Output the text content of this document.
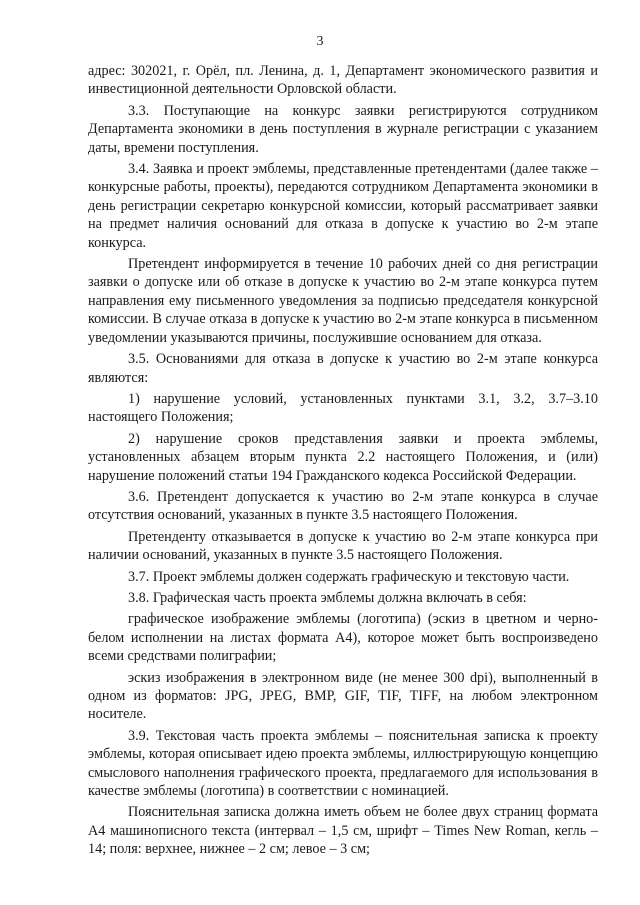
3

адрес: 302021, г. Орёл, пл. Ленина, д. 1, Департамент экономического развития и инвестиционной деятельности Орловской области.

3.3. Поступающие на конкурс заявки регистрируются сотрудником Департамента экономики в день поступления в журнале регистрации с указанием даты, времени поступления.

3.4. Заявка и проект эмблемы, представленные претендентами (далее также – конкурсные работы, проекты), передаются сотрудником Департамента экономики в день регистрации секретарю конкурсной комиссии, который рассматривает заявки на предмет наличия оснований для отказа в допуске к участию во 2-м этапе конкурса.

Претендент информируется в течение 10 рабочих дней со дня регистрации заявки о допуске или об отказе в допуске к участию во 2-м этапе конкурса путем направления ему письменного уведомления за подписью председателя конкурсной комиссии. В случае отказа в допуске к участию во 2-м этапе конкурса в письменном уведомлении указываются причины, послужившие основанием для отказа.

3.5. Основаниями для отказа в допуске к участию во 2-м этапе конкурса являются:

1) нарушение условий, установленных пунктами 3.1, 3.2, 3.7–3.10 настоящего Положения;

2) нарушение сроков представления заявки и проекта эмблемы, установленных абзацем вторым пункта 2.2 настоящего Положения, и (или) нарушение положений статьи 194 Гражданского кодекса Российской Федерации.

3.6. Претендент допускается к участию во 2-м этапе конкурса в случае отсутствия оснований, указанных в пункте 3.5 настоящего Положения.

Претенденту отказывается в допуске к участию во 2-м этапе конкурса при наличии оснований, указанных в пункте 3.5 настоящего Положения.

3.7. Проект эмблемы должен содержать графическую и текстовую части.

3.8. Графическая часть проекта эмблемы должна включать в себя:

графическое изображение эмблемы (логотипа) (эскиз в цветном и черно-белом исполнении на листах формата А4), которое может быть воспроизведено всеми средствами полиграфии;

эскиз изображения в электронном виде (не менее 300 dpi), выполненный в одном из форматов: JPG, JPEG, BMP, GIF, TIF, TIFF, на любом электронном носителе.

3.9. Текстовая часть проекта эмблемы – пояснительная записка к проекту эмблемы, которая описывает идею проекта эмблемы, иллюстрирующую концепцию смыслового наполнения графического проекта, предлагаемого для использования в качестве эмблемы (логотипа) в соответствии с номинацией.

Пояснительная записка должна иметь объем не более двух страниц формата А4 машинописного текста (интервал – 1,5 см, шрифт – Times New Roman, кегль – 14; поля: верхнее, нижнее – 2 см; левое – 3 см;
